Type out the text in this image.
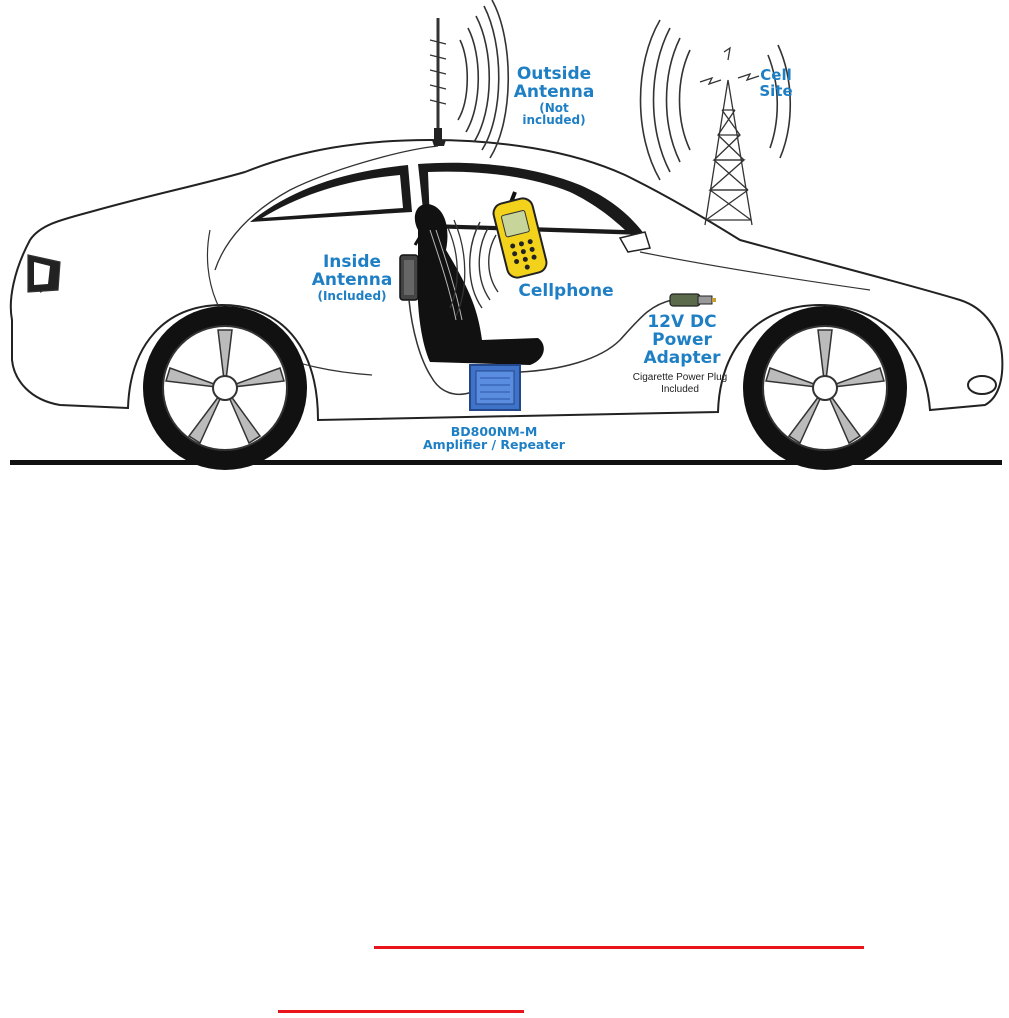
Outside
Antenna
(Not included)
Cell
Site
Inside
Antenna
(Included)	Cellphone
12V DC
Power
Adapter
Cigarette Power Plug
Included
BD800NM-M
Amplifier / Repeater
